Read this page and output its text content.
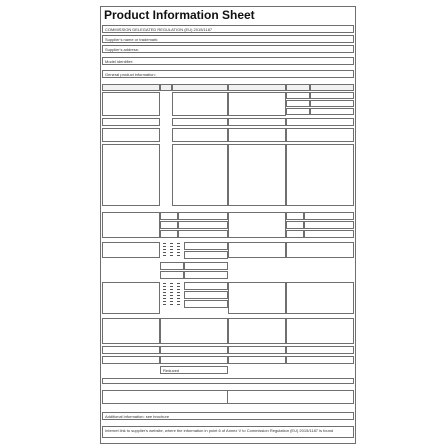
Product Information Sheet
COMMISSION DELEGATED REGULATION (EU) 2015/1187
Supplier's name or trademark:
Supplier's address:
Model identifier:
General product information:
Reduced
Additional information: see brochure
Internet link to supplier's website, where the information in point 6 of Annex V to Commission Regulation (EU) 2015/1187 is found
